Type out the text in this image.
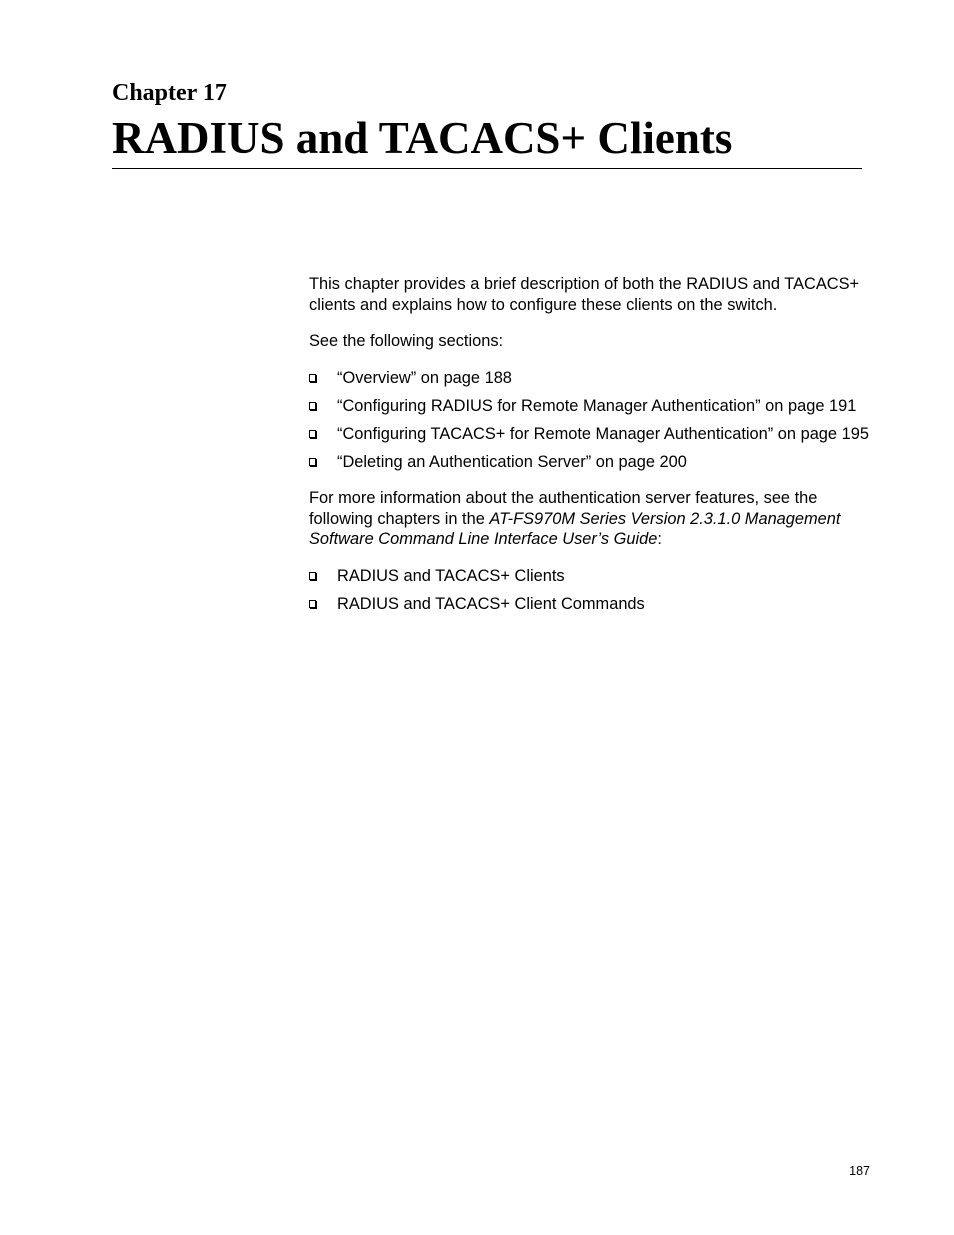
Chapter 17
RADIUS and TACACS+ Clients

This chapter provides a brief description of both the RADIUS and TACACS+ clients and explains how to configure these clients on the switch.

See the following sections:

“Overview” on page 188
“Configuring RADIUS for Remote Manager Authentication” on page 191
“Configuring TACACS+ for Remote Manager Authentication” on page 195
“Deleting an Authentication Server” on page 200

For more information about the authentication server features, see the following chapters in the AT-FS970M Series Version 2.3.1.0 Management Software Command Line Interface User’s Guide:

RADIUS and TACACS+ Clients
RADIUS and TACACS+ Client Commands
187
